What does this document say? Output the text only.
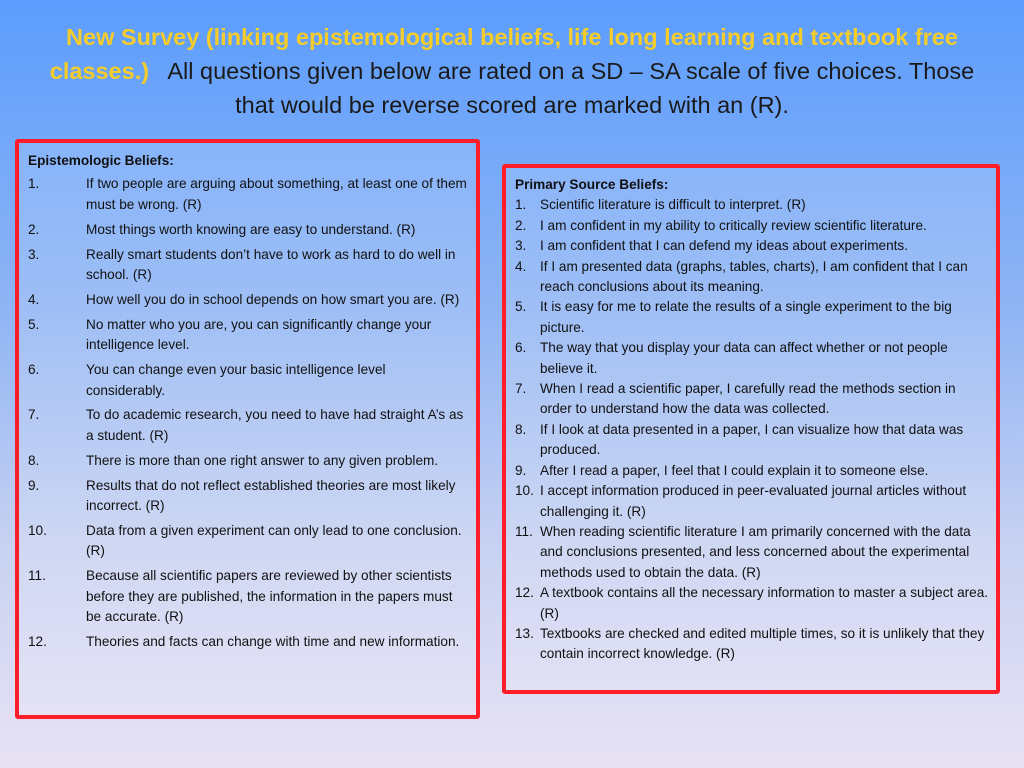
New Survey (linking epistemological beliefs, life long learning and textbook free classes.) All questions given below are rated on a SD – SA scale of five choices. Those that would be reverse scored are marked with an (R).
Epistemologic Beliefs:
1.	If two people are arguing about something, at least one of them must be wrong. (R)
2.	Most things worth knowing are easy to understand. (R)
3.	Really smart students don’t have to work as hard to do well in school. (R)
4.	How well you do in school depends on how smart you are. (R)
5.	No matter who you are, you can significantly change your intelligence level.
6.	You can change even your basic intelligence level considerably.
7.	To do academic research, you need to have had straight A’s as a student. (R)
8.	There is more than one right answer to any given problem.
9.	Results that do not reflect established theories are most likely incorrect. (R)
10.	Data from a given experiment can only lead to one conclusion. (R)
11.	Because all scientific papers are reviewed by other scientists before they are published, the information in the papers must be accurate. (R)
12.	Theories and facts can change with time and new information.
Primary Source Beliefs:
1.	Scientific literature is difficult to interpret. (R)
2.	I am confident in my ability to critically review scientific literature.
3.	I am confident that I can defend my ideas about experiments.
4.	If I am presented data (graphs, tables, charts), I am confident that I can reach conclusions about its meaning.
5.	It is easy for me to relate the results of a single experiment to the big picture.
6.	The way that you display your data can affect whether or not people believe it.
7.	When I read a scientific paper, I carefully read the methods section in order to understand how the data was collected.
8.	If I look at data presented in a paper, I can visualize how that data was produced.
9.	After I read a paper, I feel that I could explain it to someone else.
10. I accept information produced in peer-evaluated journal articles without challenging it. (R)
11. When reading scientific literature I am primarily concerned with the data and conclusions presented, and less concerned about the experimental methods used to obtain the data. (R)
12. A textbook contains all the necessary information to master a subject area. (R)
13. Textbooks are checked and edited multiple times, so it is unlikely that they contain incorrect knowledge. (R)
